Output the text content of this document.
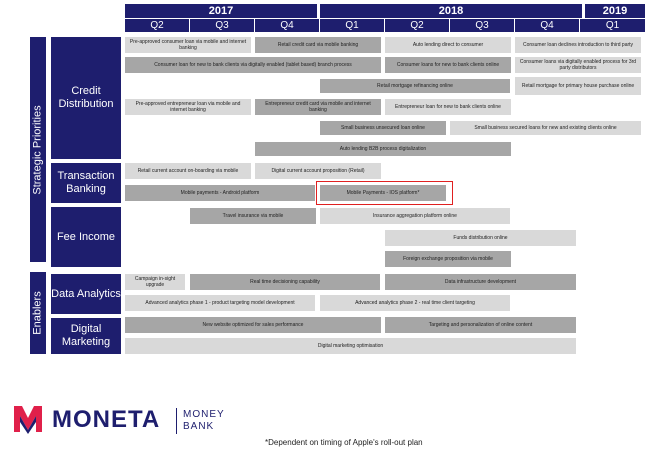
2017	2018	2019
Q2	Q3	Q4	Q1	Q2	Q3	Q4	Q1
Strategic Priorities
Enablers
Credit Distribution
Transaction Banking
Fee Income
Data Analytics
Digital Marketing
Pre-approved consumer loan via mobile and internet banking	Retail credit card via mobile banking	Auto lending direct to consumer	Consumer loan declines introduction to third party
Consumer loan for new to bank clients via digitally enabled (tablet based) branch process	Consumer loans for new to bank clients online	Consumer loans via digitally enabled process for 3rd party distributors
Retail mortgage refinancing online	Retail mortgage for primary house purchase online
Pre-approved entrepreneur loan via mobile and internet banking
Entrepreneur credit card via mobile and internet banking	Entrepreneur loan for new to bank clients online
Small business unsecured loan online	Small business secured loans for new and existing clients online
Auto lending B2B process digitalization
Retail current account on-boarding via mobile	Digital current account proposition (Retail)
Mobile payments - Android platform	Mobile Payments - IOS platform*
Travel insurance via mobile	Insurance aggregation platform online
Funds distribution online
Foreign exchange proposition via mobile
Campaign in-sight upgrade	Real time decisioning capability	Data infrastructure development
Advanced analytics phase 1 - product targeting model development	Advanced analytics phase 2 - real time client targeting
New website optimized for sales performance	Targeting and personalization of online content
Digital marketing optimisation
MONETA MONEY
BANK
*Dependent on timing of Apple's roll-out plan
